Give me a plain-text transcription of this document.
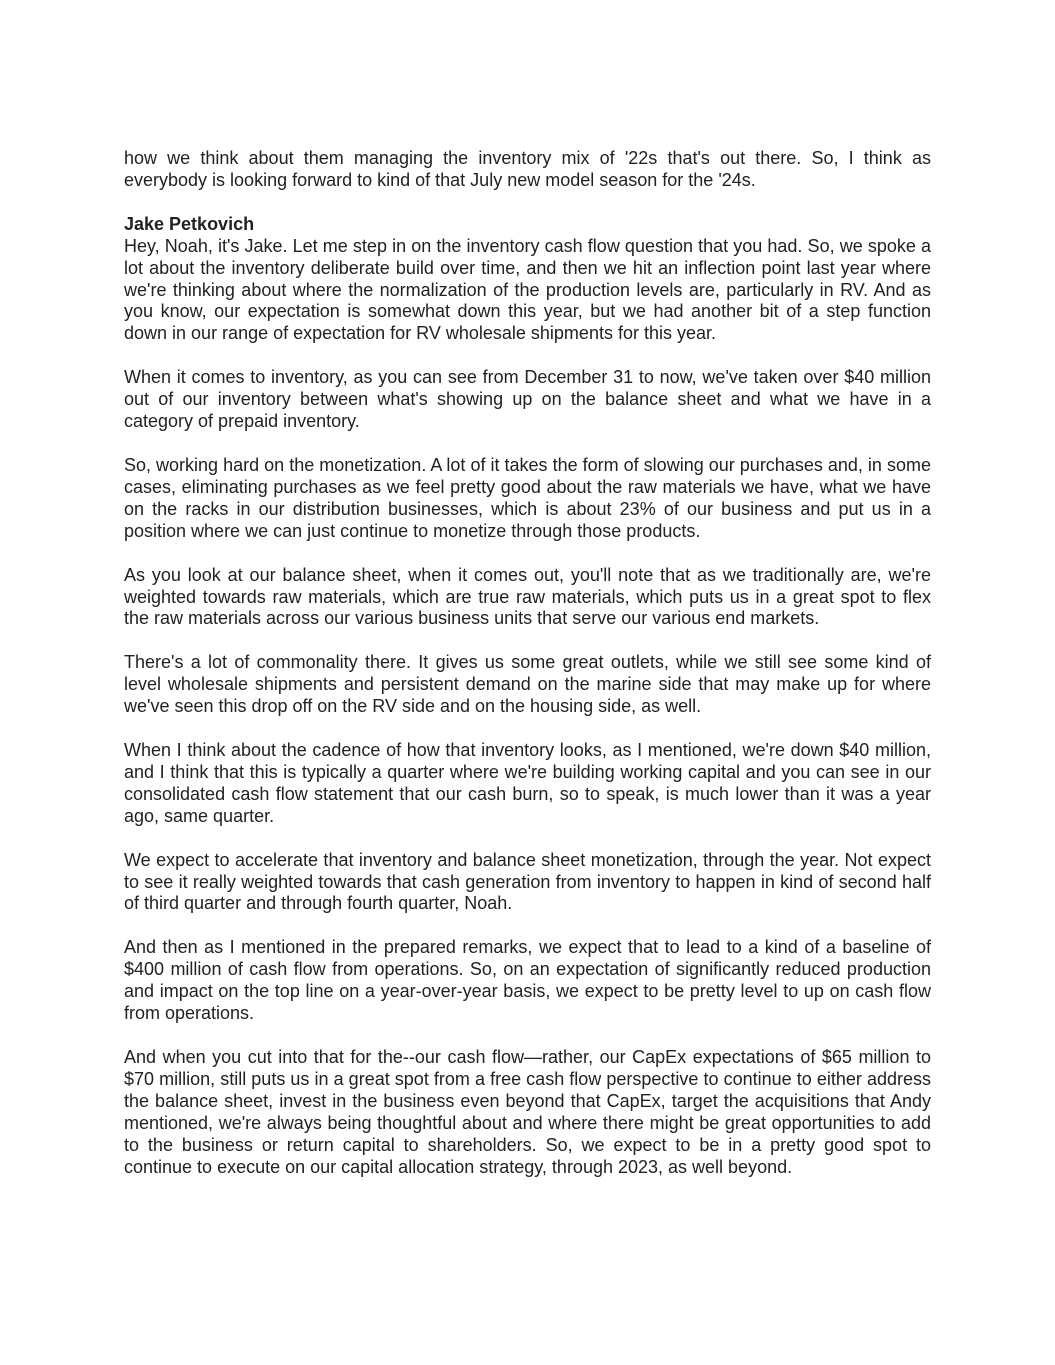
how we think about them managing the inventory mix of '22s that's out there. So, I think as everybody is looking forward to kind of that July new model season for the '24s.

Jake Petkovich

Hey, Noah, it's Jake. Let me step in on the inventory cash flow question that you had. So, we spoke a lot about the inventory deliberate build over time, and then we hit an inflection point last year where we're thinking about where the normalization of the production levels are, particularly in RV. And as you know, our expectation is somewhat down this year, but we had another bit of a step function down in our range of expectation for RV wholesale shipments for this year.

When it comes to inventory, as you can see from December 31 to now, we've taken over $40 million out of our inventory between what's showing up on the balance sheet and what we have in a category of prepaid inventory.

So, working hard on the monetization. A lot of it takes the form of slowing our purchases and, in some cases, eliminating purchases as we feel pretty good about the raw materials we have, what we have on the racks in our distribution businesses, which is about 23% of our business and put us in a position where we can just continue to monetize through those products.

As you look at our balance sheet, when it comes out, you'll note that as we traditionally are, we're weighted towards raw materials, which are true raw materials, which puts us in a great spot to flex the raw materials across our various business units that serve our various end markets.

There's a lot of commonality there. It gives us some great outlets, while we still see some kind of level wholesale shipments and persistent demand on the marine side that may make up for where we've seen this drop off on the RV side and on the housing side, as well.

When I think about the cadence of how that inventory looks, as I mentioned, we're down $40 million, and I think that this is typically a quarter where we're building working capital and you can see in our consolidated cash flow statement that our cash burn, so to speak, is much lower than it was a year ago, same quarter.

We expect to accelerate that inventory and balance sheet monetization, through the year. Not expect to see it really weighted towards that cash generation from inventory to happen in kind of second half of third quarter and through fourth quarter, Noah.

And then as I mentioned in the prepared remarks, we expect that to lead to a kind of a baseline of $400 million of cash flow from operations. So, on an expectation of significantly reduced production and impact on the top line on a year-over-year basis, we expect to be pretty level to up on cash flow from operations.

And when you cut into that for the--our cash flow—rather, our CapEx expectations of $65 million to $70 million, still puts us in a great spot from a free cash flow perspective to continue to either address the balance sheet, invest in the business even beyond that CapEx, target the acquisitions that Andy mentioned, we're always being thoughtful about and where there might be great opportunities to add to the business or return capital to shareholders. So, we expect to be in a pretty good spot to continue to execute on our capital allocation strategy, through 2023, as well beyond.
